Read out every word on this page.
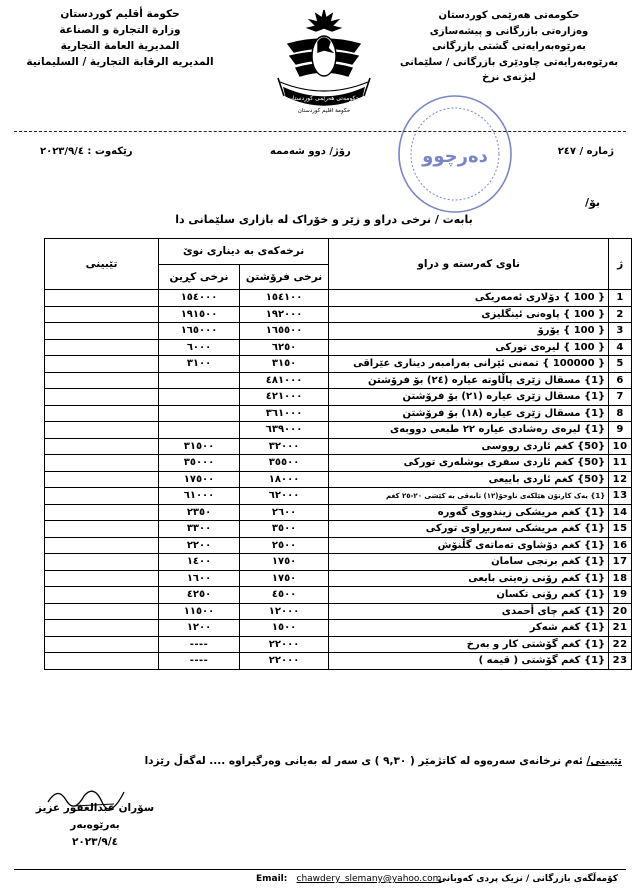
حكومة أقليم كوردستان
وزارة التجارة و الصناعة
المديرية العامة التجارية
المديريه الرقابة التجارية / السليمانية
حکومەتی هەرێمی کوردستان
حكومة اقليم كوردستان
حکومەتی هەرێمی کوردستان
وەزارەتی بازرگانی و پیشەسازی
بەرێوەبەرایەتی گشتی بازرگانی
بەرێوەبەرایەتی چاودێری بازرگانی / سلێمانی
لیژنەی نرخ
دەرچوو	ژمارە / ٢٤٧
رۆژ/ دوو شەممە
رێکەوت : ٢٠٢٣/٩/٤
بۆ/
بابەت / نرخی دراو و زێر و خۆراک لە بازاری سلێمانی دا
تێبینی	نرخەکەی بە دیناری نوێ		ناوی کەرستە و دراو	ژ
	نرخی کڕین	نرخی فرۆشتن		
	١٥٤٠٠٠	١٥٤١٠٠	{ 100 } دۆلاری ئەمەریکی	1
	١٩١٥٠٠	١٩٢٠٠٠	{ 100 } پاوەنی ئینگلیزی	2
	١٦٥٠٠٠	١٦٥٥٠٠	{ 100 } یۆرۆ	3
	٦٠٠٠	٦٢٥٠	{ 100 } لیرەی تورکی	4
	٣١٠٠	٣١٥٠	{ 100000 } تمەنی ئێرانی بەرامبەر دیناری عێراقی	5
		٤٨١٠٠٠	{1} مسقال زێری پاڵاوتە عیارە (٢٤) بۆ فرۆشتن	6
		٤٢١٠٠٠	{1} مسقال زێری عیارە (٢١) بۆ فرۆشتن	7
		٣٦١٠٠٠	{1} مسقال زێری عیارە (١٨) بۆ فرۆشتن	8
		٦٣٩٠٠٠	{1} لیرەی رەشادی عیارە ٢٢ طبعی دووبەی	9
	٣١٥٠٠	٣٢٠٠٠	{50} کغم ئاردی رووسی	10
	٣٥٠٠٠	٣٥٥٠٠	{50} کغم ئاردی سفری بوشلەری تورکی	11
	١٧٥٠٠	١٨٠٠٠	{50} کغم ئاردی باییعی	12
	٦١٠٠٠	٦٢٠٠٠	{1} یەک کارتۆن هێلکەی ناوخۆ(١٢) تابەقی بە کێشی ٢٠-٢٥ کغم	13
	٢٣٥٠	٢٦٠٠	{1} کغم مریشکی زیندووی گەورە	14
	٣٣٠٠	٣٥٠٠	{1} کغم مریشکی سەربڕاوی تورکی	15
	٢٢٠٠	٢٥٠٠	{1} کغم دۆشاوی تەماتەی گڵنۆش	16
	١٤٠٠	١٧٥٠	{1} کغم برنجی سامان	17
	١٦٠٠	١٧٥٠	{1} کغم رۆنی زەیتی بایعی	18
	٤٢٥٠	٤٥٠٠	{1} کغم رۆنی تکسان	19
	١١٥٠٠	١٢٠٠٠	{1} کغم چای أحمدی	20
	١٢٠٠	١٥٠٠	{1} کغم شەکر	21
	----	٢٢٠٠٠	{1} کغم گۆشتی کار و بەرخ	22
	----	٢٢٠٠٠	{1} کغم گۆشتی ( قیمە )	23
تێبینی/ ئەم نرخانەی سەرەوە لە کاتژمێر ( ٩,٣٠ ) ی سەر لە بەیانی وەرگیراوە .... لەگەڵ رێزدا
سۆران عبدالغفور عزیز
بەرێوەبەر
٢٠٢٣/٩/٤
Email: chawdery_slemany@yahoo.com
کۆمەڵگەی بازرگانی / نزیک پردی کەوبانی
